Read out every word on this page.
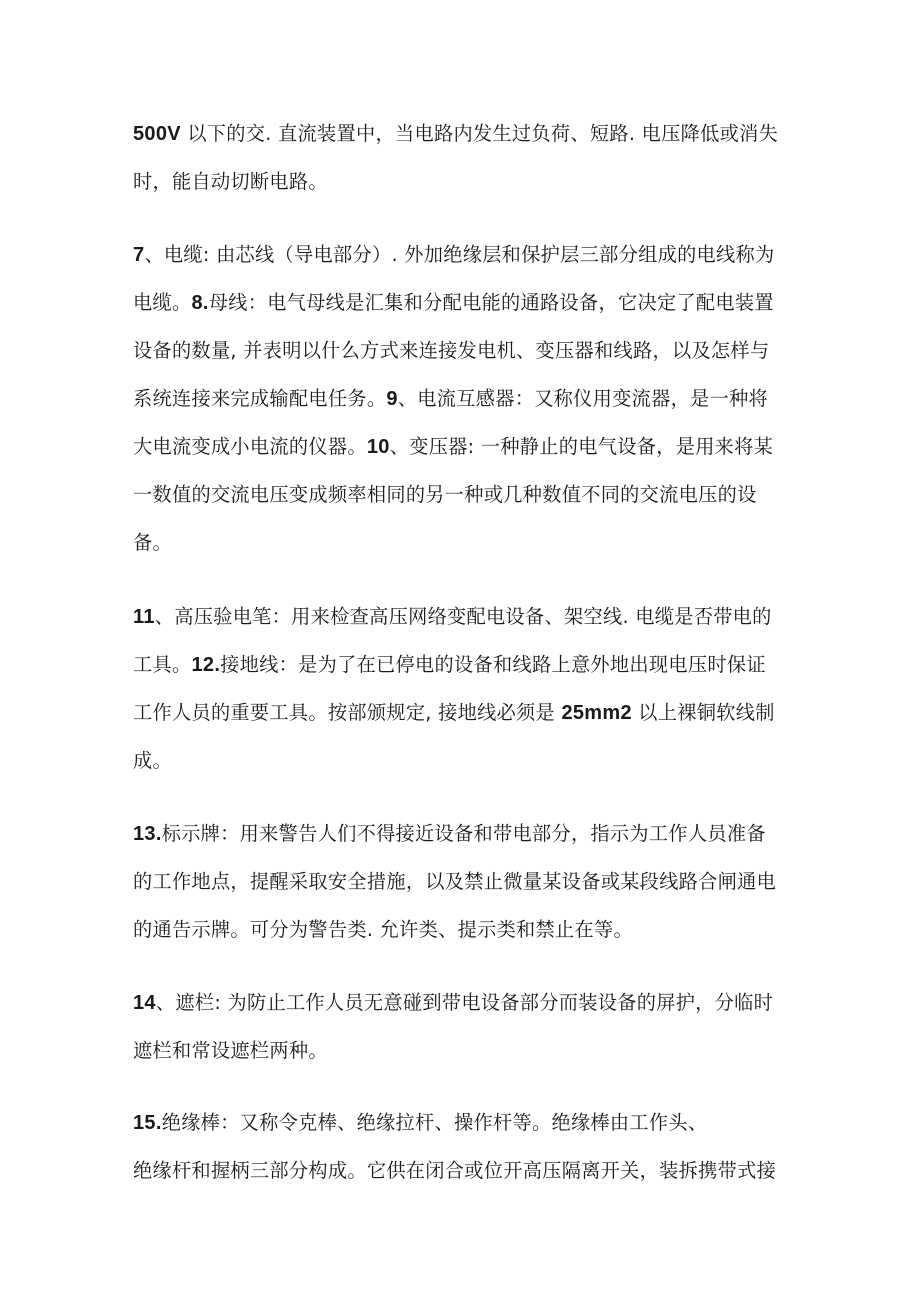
500V 以下的交. 直流装置中，当电路内发生过负荷、短路. 电压降低或消失
时，能自动切断电路。

7、电缆: 由芯线（导电部分）. 外加绝缘层和保护层三部分组成的电线称为
电缆。8.母线：电气母线是汇集和分配电能的通路设备，它决定了配电装置
设备的数量, 并表明以什么方式来连接发电机、变压器和线路，以及怎样与
系统连接来完成输配电任务。9、电流互感器：又称仪用变流器，是一种将
大电流变成小电流的仪器。10、变压器: 一种静止的电气设备，是用来将某
一数值的交流电压变成频率相同的另一种或几种数值不同的交流电压的设
备。

11、高压验电笔：用来检查高压网络变配电设备、架空线. 电缆是否带电的
工具。12.接地线：是为了在已停电的设备和线路上意外地出现电压时保证
工作人员的重要工具。按部颁规定, 接地线必须是 25mm2 以上裸铜软线制
成。

13.标示牌：用来警告人们不得接近设备和带电部分，指示为工作人员准备
的工作地点，提醒采取安全措施，以及禁止微量某设备或某段线路合闸通电
的通告示牌。可分为警告类. 允许类、提示类和禁止在等。

14、遮栏: 为防止工作人员无意碰到带电设备部分而装设备的屏护，分临时
遮栏和常设遮栏两种。

15.绝缘棒：又称令克棒、绝缘拉杆、操作杆等。绝缘棒由工作头、
绝缘杆和握柄三部分构成。它供在闭合或位开高压隔离开关，装拆携带式接
